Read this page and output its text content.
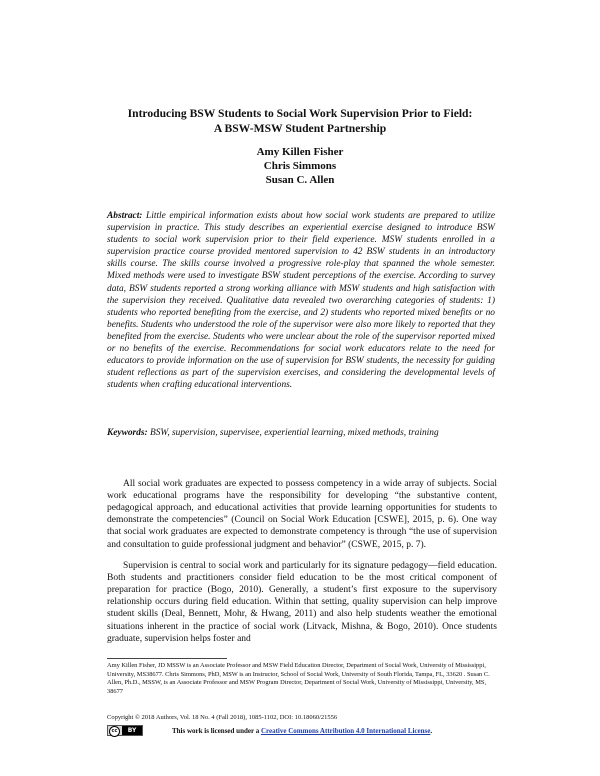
Introducing BSW Students to Social Work Supervision Prior to Field:
A BSW-MSW Student Partnership
Amy Killen Fisher
Chris Simmons
Susan C. Allen
Abstract: Little empirical information exists about how social work students are prepared to utilize supervision in practice. This study describes an experiential exercise designed to introduce BSW students to social work supervision prior to their field experience. MSW students enrolled in a supervision practice course provided mentored supervision to 42 BSW students in an introductory skills course. The skills course involved a progressive role-play that spanned the whole semester. Mixed methods were used to investigate BSW student perceptions of the exercise. According to survey data, BSW students reported a strong working alliance with MSW students and high satisfaction with the supervision they received. Qualitative data revealed two overarching categories of students: 1) students who reported benefiting from the exercise, and 2) students who reported mixed benefits or no benefits. Students who understood the role of the supervisor were also more likely to reported that they benefited from the exercise. Students who were unclear about the role of the supervisor reported mixed or no benefits of the exercise. Recommendations for social work educators relate to the need for educators to provide information on the use of supervision for BSW students, the necessity for guiding student reflections as part of the supervision exercises, and considering the developmental levels of students when crafting educational interventions.
Keywords: BSW, supervision, supervisee, experiential learning, mixed methods, training

All social work graduates are expected to possess competency in a wide array of subjects. Social work educational programs have the responsibility for developing “the substantive content, pedagogical approach, and educational activities that provide learning opportunities for students to demonstrate the competencies” (Council on Social Work Education [CSWE], 2015, p. 6). One way that social work graduates are expected to demonstrate competency is through “the use of supervision and consultation to guide professional judgment and behavior” (CSWE, 2015, p. 7).

Supervision is central to social work and particularly for its signature pedagogy—field education. Both students and practitioners consider field education to be the most critical component of preparation for practice (Bogo, 2010). Generally, a student’s first exposure to the supervisory relationship occurs during field education. Within that setting, quality supervision can help improve student skills (Deal, Bennett, Mohr, & Hwang, 2011) and also help students weather the emotional situations inherent in the practice of social work (Litvack, Mishna, & Bogo, 2010). Once students graduate, supervision helps foster and

Amy Killen Fisher, JD MSSW is an Associate Professor and MSW Field Education Director, Department of Social Work, University of Mississippi, University, MS38677. Chris Simmons, PhD, MSW is an Instructor, School of Social Work, University of South Florida, Tampa, FL, 33620 . Susan C. Allen, Ph.D., MSSW, is an Associate Professor and MSW Program Director, Department of Social Work, University of Mississippi, University, MS, 38677
Copyright © 2018 Authors, Vol. 18 No. 4 (Fall 2018), 1085-1102, DOI: 10.18060/21556
cc	BY	This work is licensed under a Creative Commons Attribution 4.0 International License.
